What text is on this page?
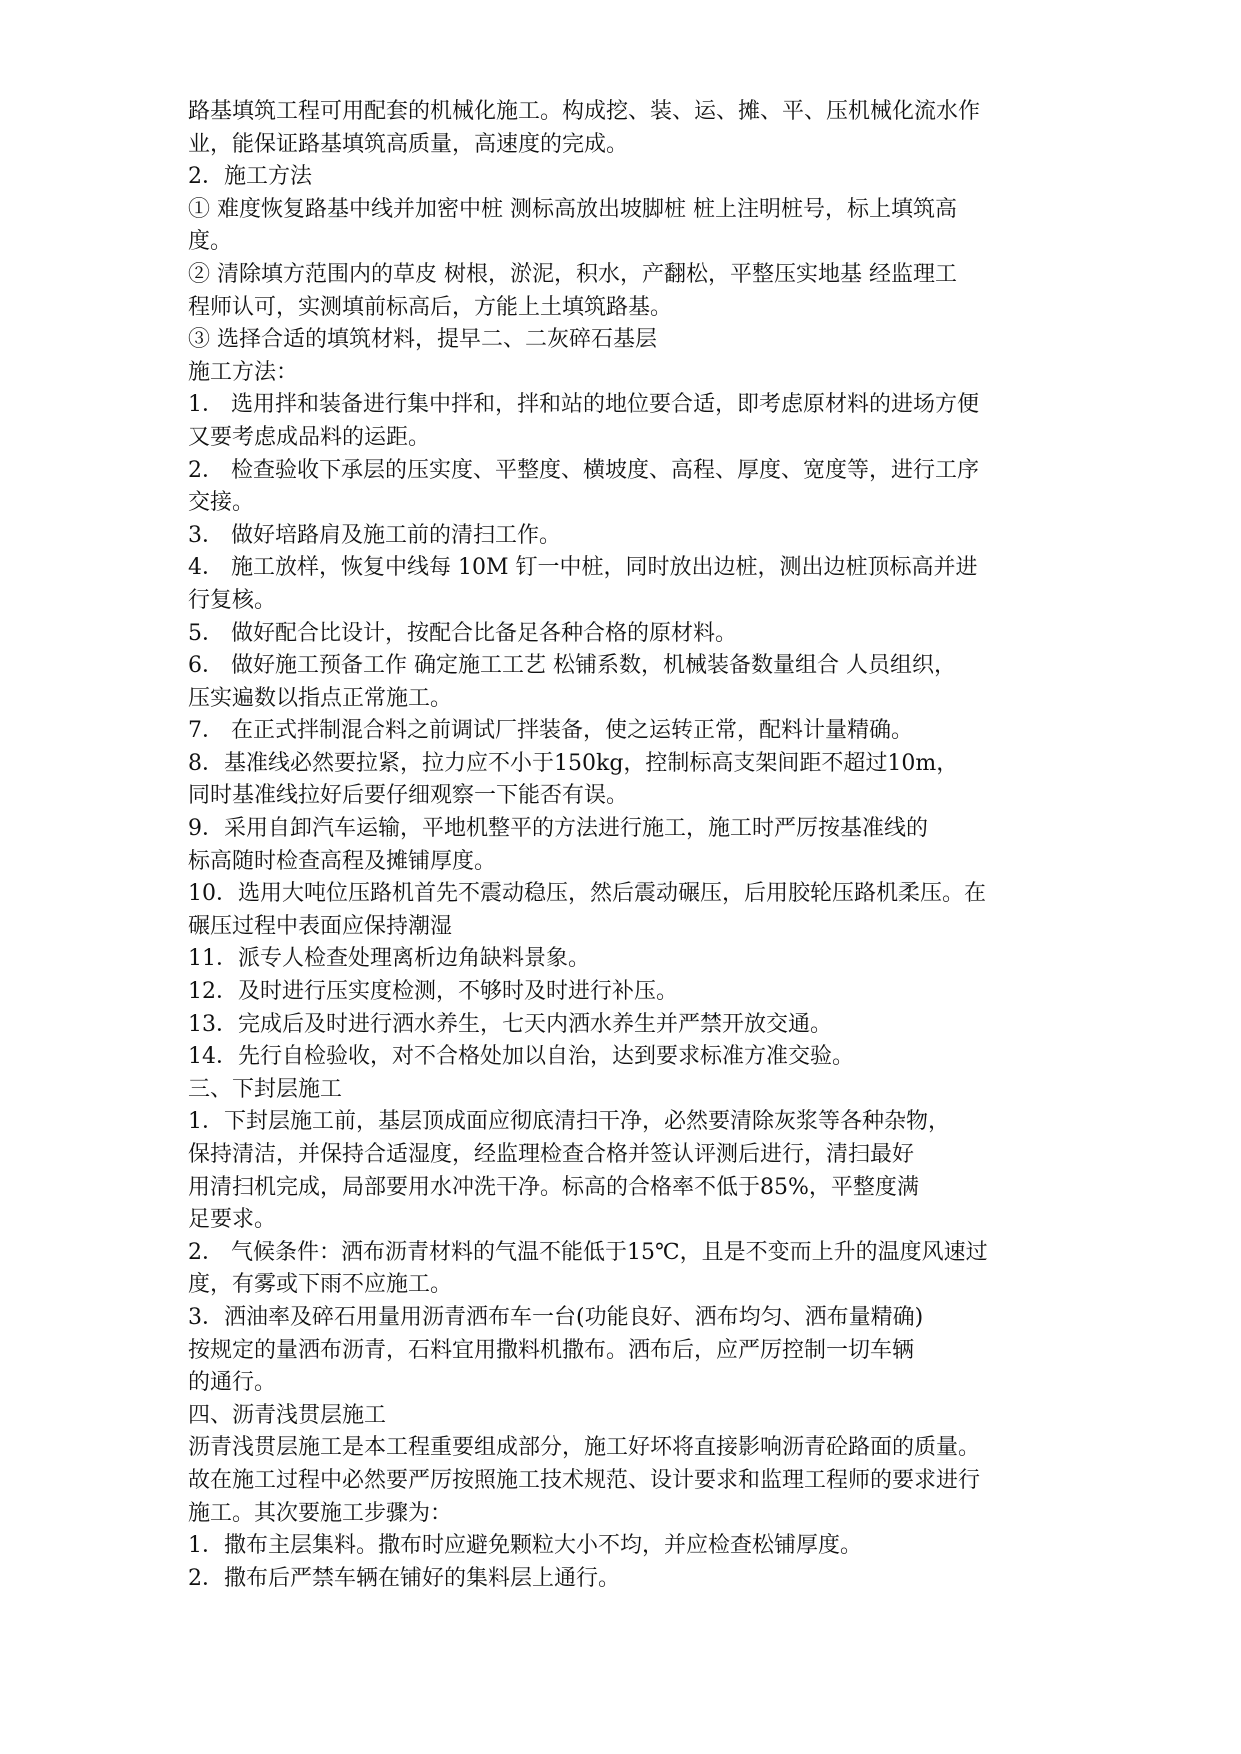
路基填筑工程可用配套的机械化施工。构成挖、装、运、摊、平、压机械化流水作
业，能保证路基填筑高质量，高速度的完成。
2．施工方法
① 难度恢复路基中线并加密中桩 测标高放出坡脚桩 桩上注明桩号，标上填筑高
度。
② 清除填方范围内的草皮 树根，淤泥，积水，产翻松，平整压实地基 经监理工
程师认可，实测填前标高后，方能上土填筑路基。
③ 选择合适的填筑材料，提早二、二灰碎石基层
施工方法：
1． 选用拌和装备进行集中拌和，拌和站的地位要合适，即考虑原材料的进场方便
又要考虑成品料的运距。
2． 检查验收下承层的压实度、平整度、横坡度、高程、厚度、宽度等，进行工序
交接。
3． 做好培路肩及施工前的清扫工作。
4． 施工放样，恢复中线每 10M 钉一中桩，同时放出边桩，测出边桩顶标高并进
行复核。
5． 做好配合比设计，按配合比备足各种合格的原材料。
6． 做好施工预备工作 确定施工工艺 松铺系数，机械装备数量组合 人员组织，
压实遍数以指点正常施工。
7． 在正式拌制混合料之前调试厂拌装备，使之运转正常，配料计量精确。
8．基准线必然要拉紧，拉力应不小于150kg，控制标高支架间距不超过10m，
同时基准线拉好后要仔细观察一下能否有误。
9．采用自卸汽车运输，平地机整平的方法进行施工，施工时严厉按基准线的
标高随时检查高程及摊铺厚度。
10．选用大吨位压路机首先不震动稳压，然后震动碾压，后用胶轮压路机柔压。在
碾压过程中表面应保持潮湿
11．派专人检查处理离析边角缺料景象。
12．及时进行压实度检测，不够时及时进行补压。
13．完成后及时进行洒水养生，七天内洒水养生并严禁开放交通。
14．先行自检验收，对不合格处加以自治，达到要求标准方准交验。
三、下封层施工
1．下封层施工前，基层顶成面应彻底清扫干净，必然要清除灰浆等各种杂物，
保持清洁，并保持合适湿度，经监理检查合格并签认评测后进行，清扫最好
用清扫机完成，局部要用水冲洗干净。标高的合格率不低于85%，平整度满
足要求。
2． 气候条件：洒布沥青材料的气温不能低于15℃，且是不变而上升的温度风速过
度，有雾或下雨不应施工。
3．洒油率及碎石用量用沥青洒布车一台(功能良好、洒布均匀、洒布量精确)
按规定的量洒布沥青，石料宜用撒料机撒布。洒布后，应严厉控制一切车辆
的通行。
四、沥青浅贯层施工
沥青浅贯层施工是本工程重要组成部分，施工好坏将直接影响沥青砼路面的质量。
故在施工过程中必然要严厉按照施工技术规范、设计要求和监理工程师的要求进行
施工。其次要施工步骤为：
1．撒布主层集料。撒布时应避免颗粒大小不均，并应检查松铺厚度。
2．撒布后严禁车辆在铺好的集料层上通行。
